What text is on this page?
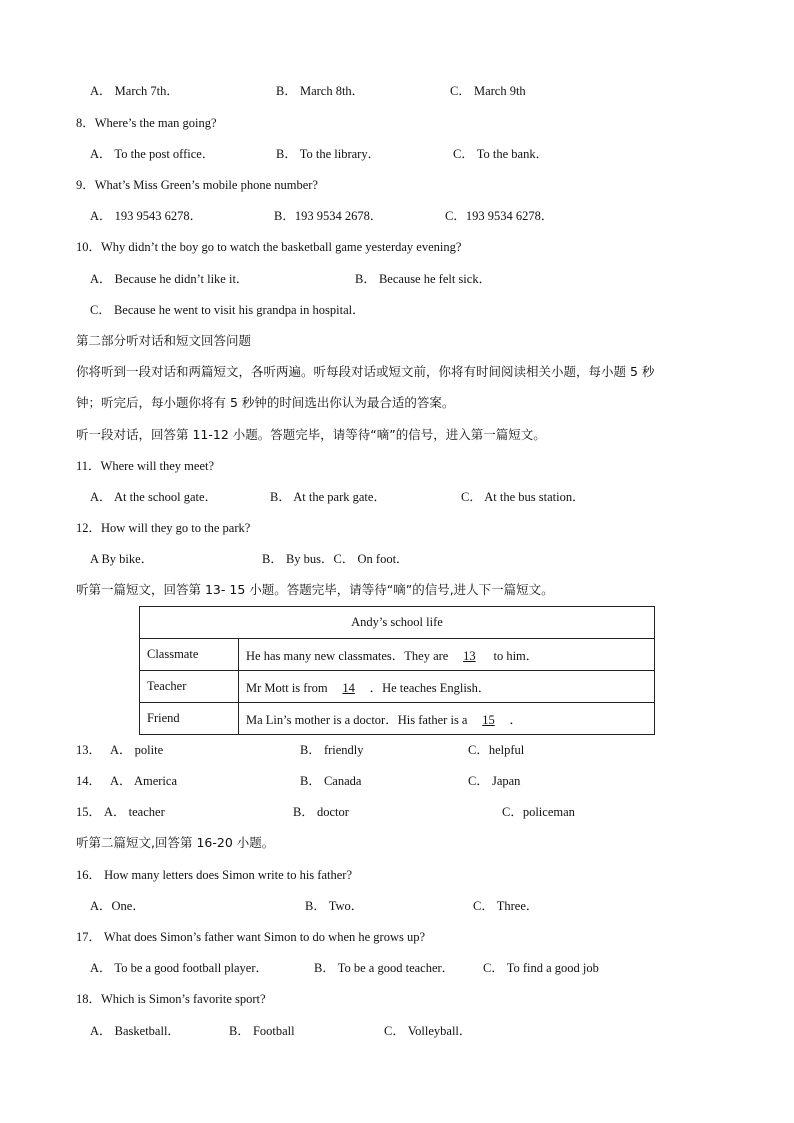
A． March 7th．	B． March 8th．	C． March 9th
8．Where’s the man going?
A． To the post office．	B． To the library．	C． To the bank．
9．What’s Miss Green’s mobile phone number?
A． 193 9543 6278．	B．193 9534 2678．	C．193 9534 6278．
10．Why didn’t the boy go to watch the basketball game yesterday evening?
A． Because he didn’t like it．	B． Because he felt sick．
C． Because he went to visit his grandpa in hospital．
第二部分听对话和短文回答问题
你将听到一段对话和两篇短文，各听两遍。听每段对话或短文前，你将有时间阅读相关小题，每小题 5 秒
钟；听完后，每小题你将有 5 秒钟的时间选出你认为最合适的答案。
听一段对话，回答第 11-12 小题。答题完毕，请等待“嘀”的信号，进入第一篇短文。
11．Where will they meet?
A． At the school gate．	B． At the park gate．	C． At the bus station．
12．How will they go to the park?
A By bike．	B． By bus．C． On foot．
听第一篇短文，回答第 13- 15 小题。答题完毕，请等待“嘀”的信号,进人下一篇短文。
Andy’s school life	
Classmate	He has many new classmates．They are 13 to him．
Teacher	Mr Mott is from 14 ．He teaches English．
Friend	Ma Lin’s mother is a doctor．His father is a 15 ．
13． A． polite	B． friendly	C．helpful
14． A． America	B． Canada	C． Japan
15． A． teacher	B． doctor	C．policeman
听第二篇短文,回答第 16-20 小题。
16． How many letters does Simon write to his father?
A．One．	B． Two．	C． Three．
17． What does Simon’s father want Simon to do when he grows up?
A． To be a good football player．	B． To be a good teacher． C． To find a good job
18．Which is Simon’s favorite sport?
A． Basketball．	B． Football	C． Volleyball．
